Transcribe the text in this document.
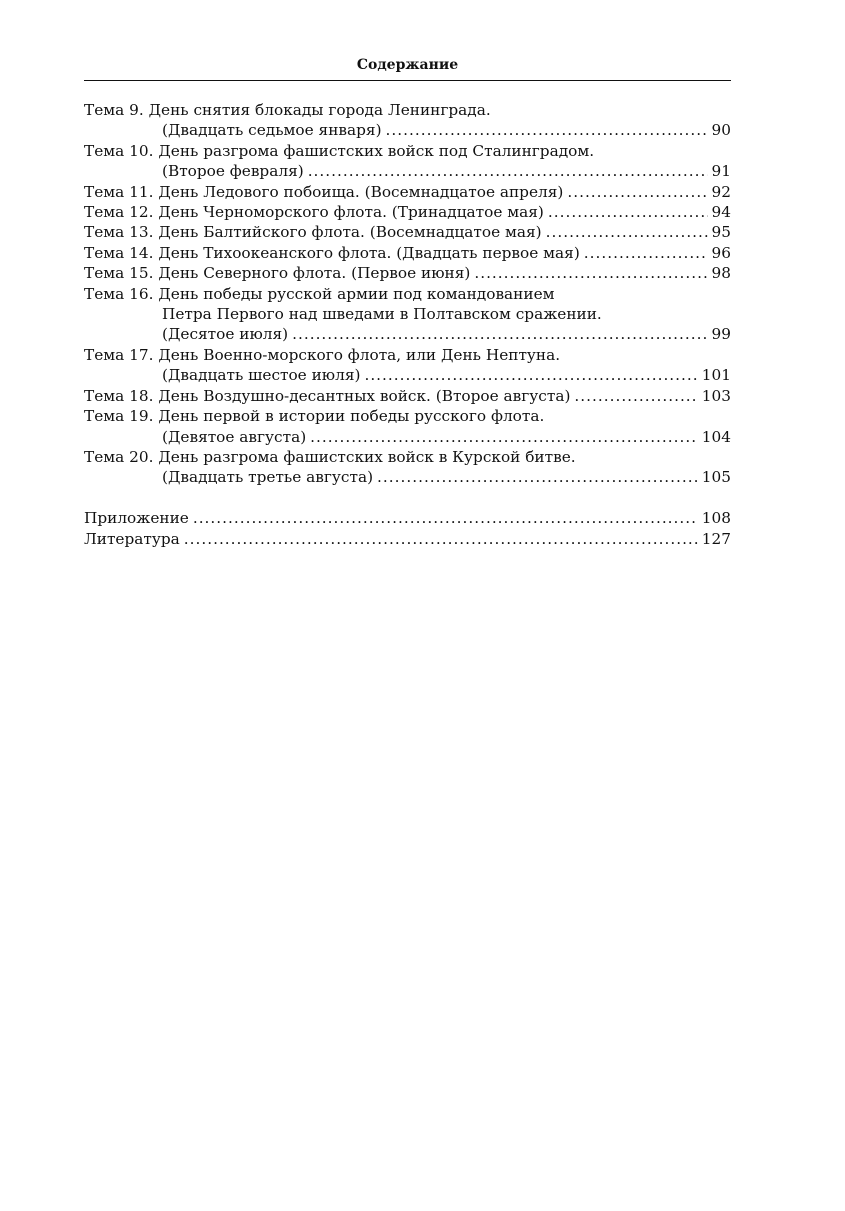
Содержание
Тема 9. День снятия блокады города Ленинграда.
(Двадцать седьмое января) .....	90
Тема 10. День разгрома фашистских войск под Сталинградом.
(Второе февраля) .....	91
Тема 11. День Ледового побоища. (Восемнадцатое апреля) .....	92
Тема 12. День Черноморского флота. (Тринадцатое мая) .....	94
Тема 13. День Балтийского флота. (Восемнадцатое мая) .....	95
Тема 14. День Тихоокеанского флота. (Двадцать первое мая) .....	96
Тема 15. День Северного флота. (Первое июня) .....	98
Тема 16. День победы русской армии под командованием
Петра Первого над шведами в Полтавском сражении.
(Десятое июля) .....	99
Тема 17. День Военно-морского флота, или День Нептуна.
(Двадцать шестое июля) .....	101
Тема 18. День Воздушно-десантных войск. (Второе августа) .....	103
Тема 19. День первой в истории победы русского флота.
(Девятое августа) .....	104
Тема 20. День разгрома фашистских войск в Курской битве.
(Двадцать третье августа) .....	105
Приложение .....	108
Литература .....	127
